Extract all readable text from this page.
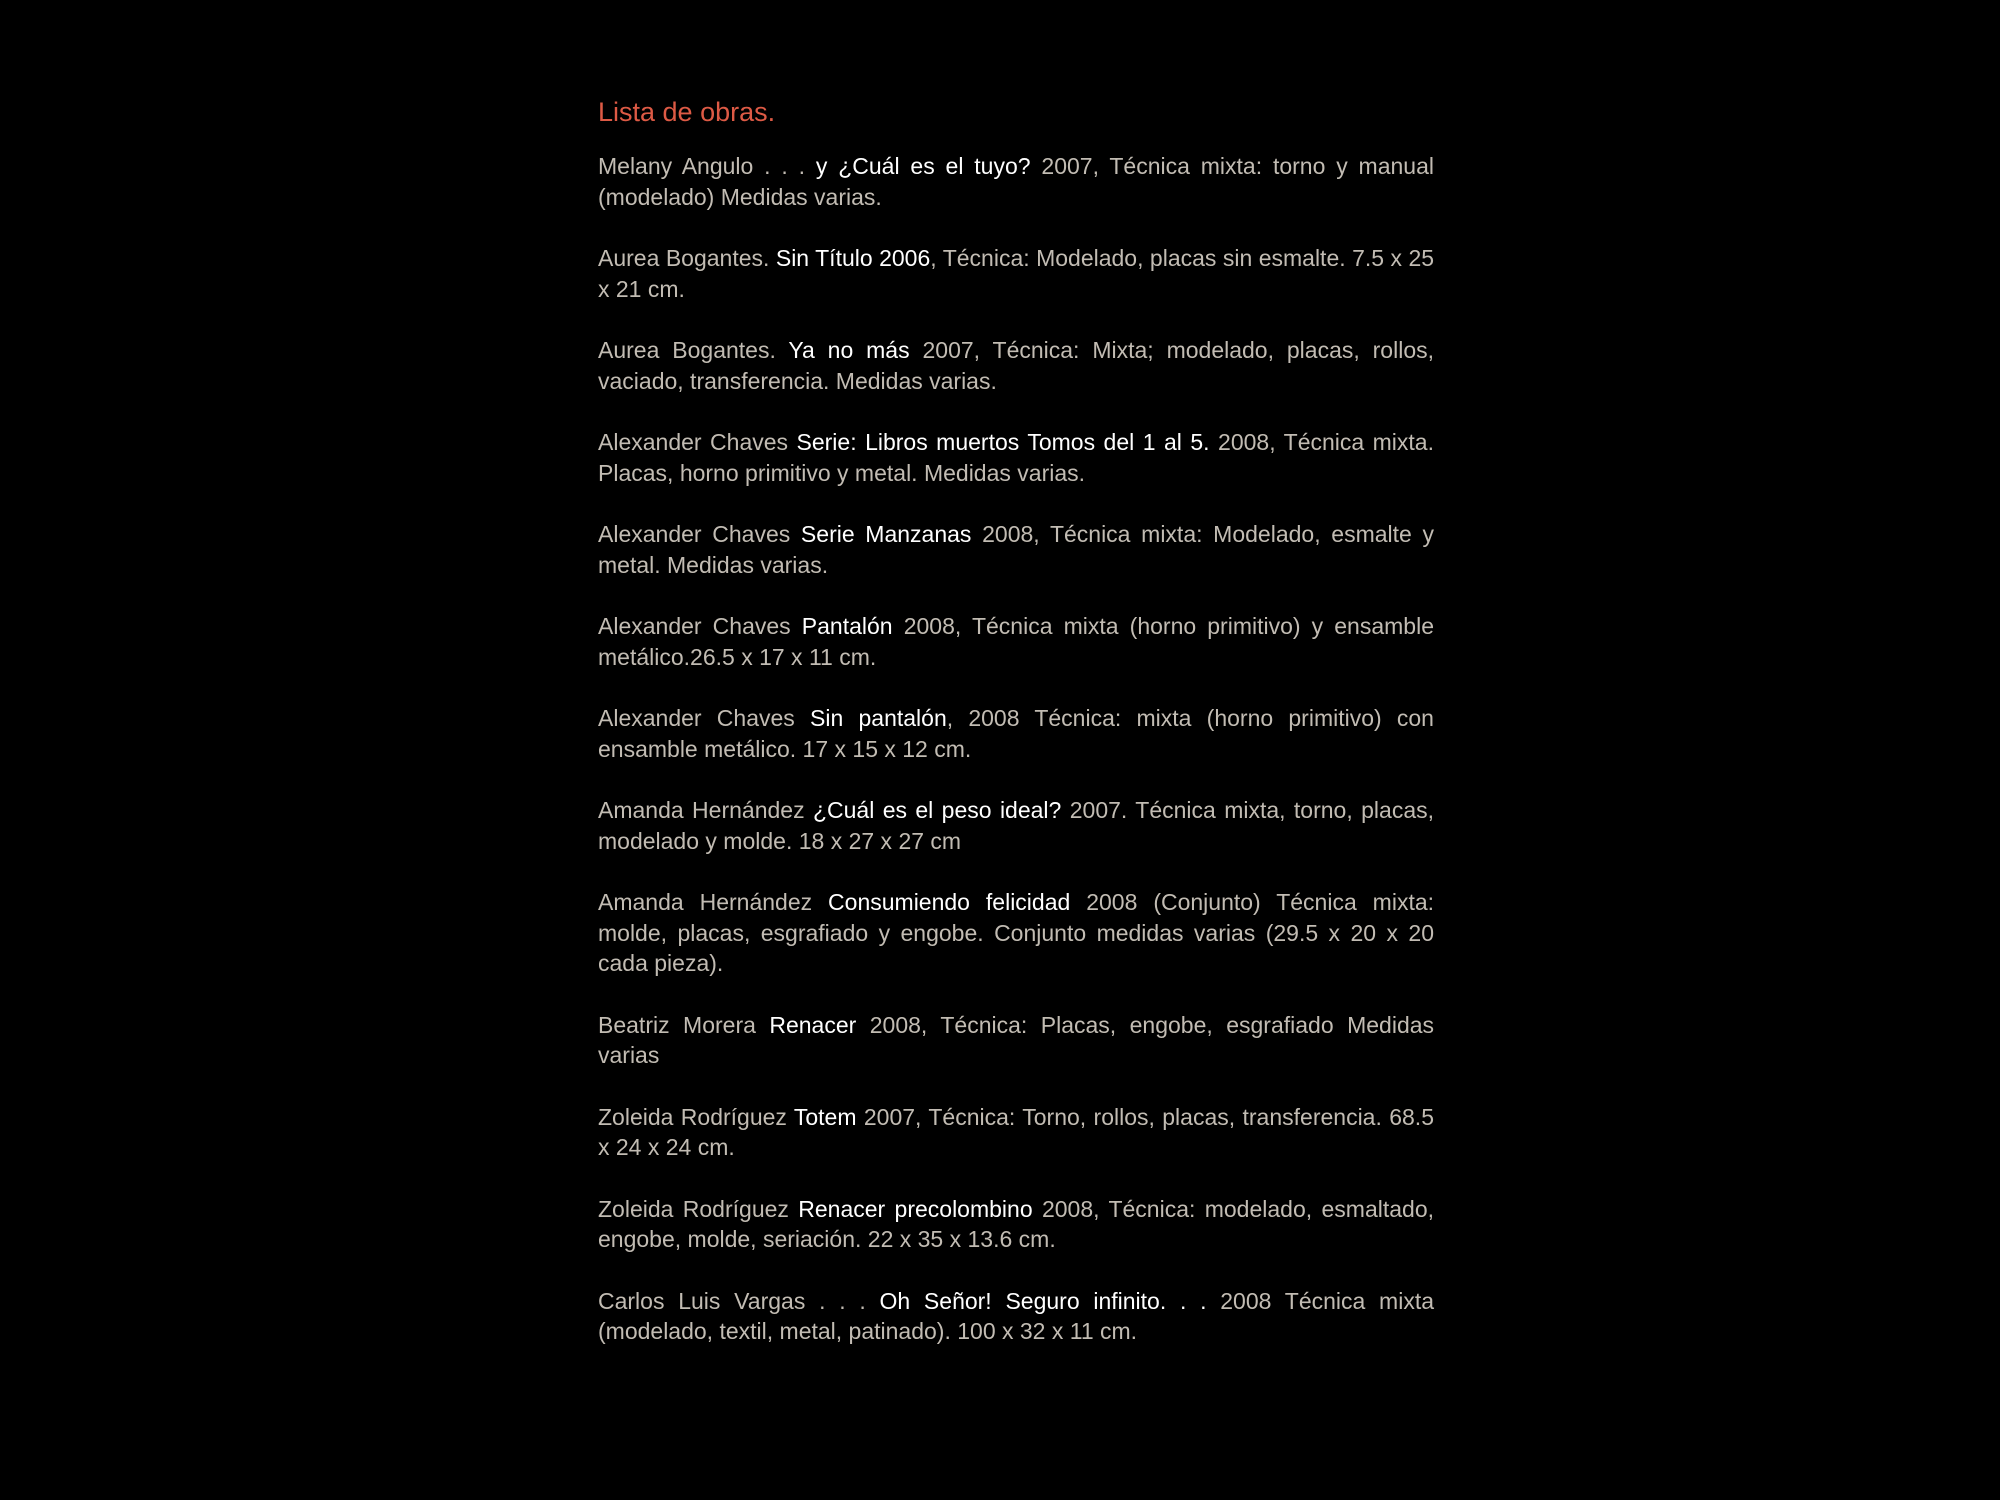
Lista de obras.

Melany Angulo . . . y ¿Cuál es el tuyo? 2007, Técnica mixta: torno y manual (modelado) Medidas varias.

Aurea Bogantes. Sin Título 2006, Técnica: Modelado, placas sin esmalte. 7.5 x 25 x 21 cm.

Aurea Bogantes. Ya no más 2007, Técnica: Mixta; modelado, placas, rollos, vaciado, transferencia. Medidas varias.

Alexander Chaves Serie: Libros muertos Tomos del 1 al 5. 2008, Técnica mixta. Placas, horno primitivo y metal. Medidas varias.

Alexander Chaves Serie Manzanas 2008, Técnica mixta: Modelado, esmalte y metal. Medidas varias.

Alexander Chaves Pantalón 2008, Técnica mixta (horno primitivo) y ensamble metálico.26.5 x 17 x 11 cm.

Alexander Chaves Sin pantalón, 2008 Técnica: mixta (horno primitivo) con ensamble metálico. 17 x 15 x 12 cm.

Amanda Hernández ¿Cuál es el peso ideal? 2007. Técnica mixta, torno, placas, modelado y molde. 18 x 27 x 27 cm

Amanda Hernández Consumiendo felicidad 2008 (Conjunto) Técnica mixta: molde, placas, esgrafiado y engobe. Conjunto medidas varias (29.5 x 20 x 20 cada pieza).

Beatriz Morera Renacer 2008, Técnica: Placas, engobe, esgrafiado Medidas varias

Zoleida Rodríguez Totem 2007, Técnica: Torno, rollos, placas, transferencia. 68.5 x 24 x 24 cm.

Zoleida Rodríguez Renacer precolombino 2008, Técnica: modelado, esmaltado, engobe, molde, seriación. 22 x 35 x 13.6 cm.

Carlos Luis Vargas . . . Oh Señor! Seguro infinito. . . 2008 Técnica mixta (modelado, textil, metal, patinado). 100 x 32 x 11 cm.
